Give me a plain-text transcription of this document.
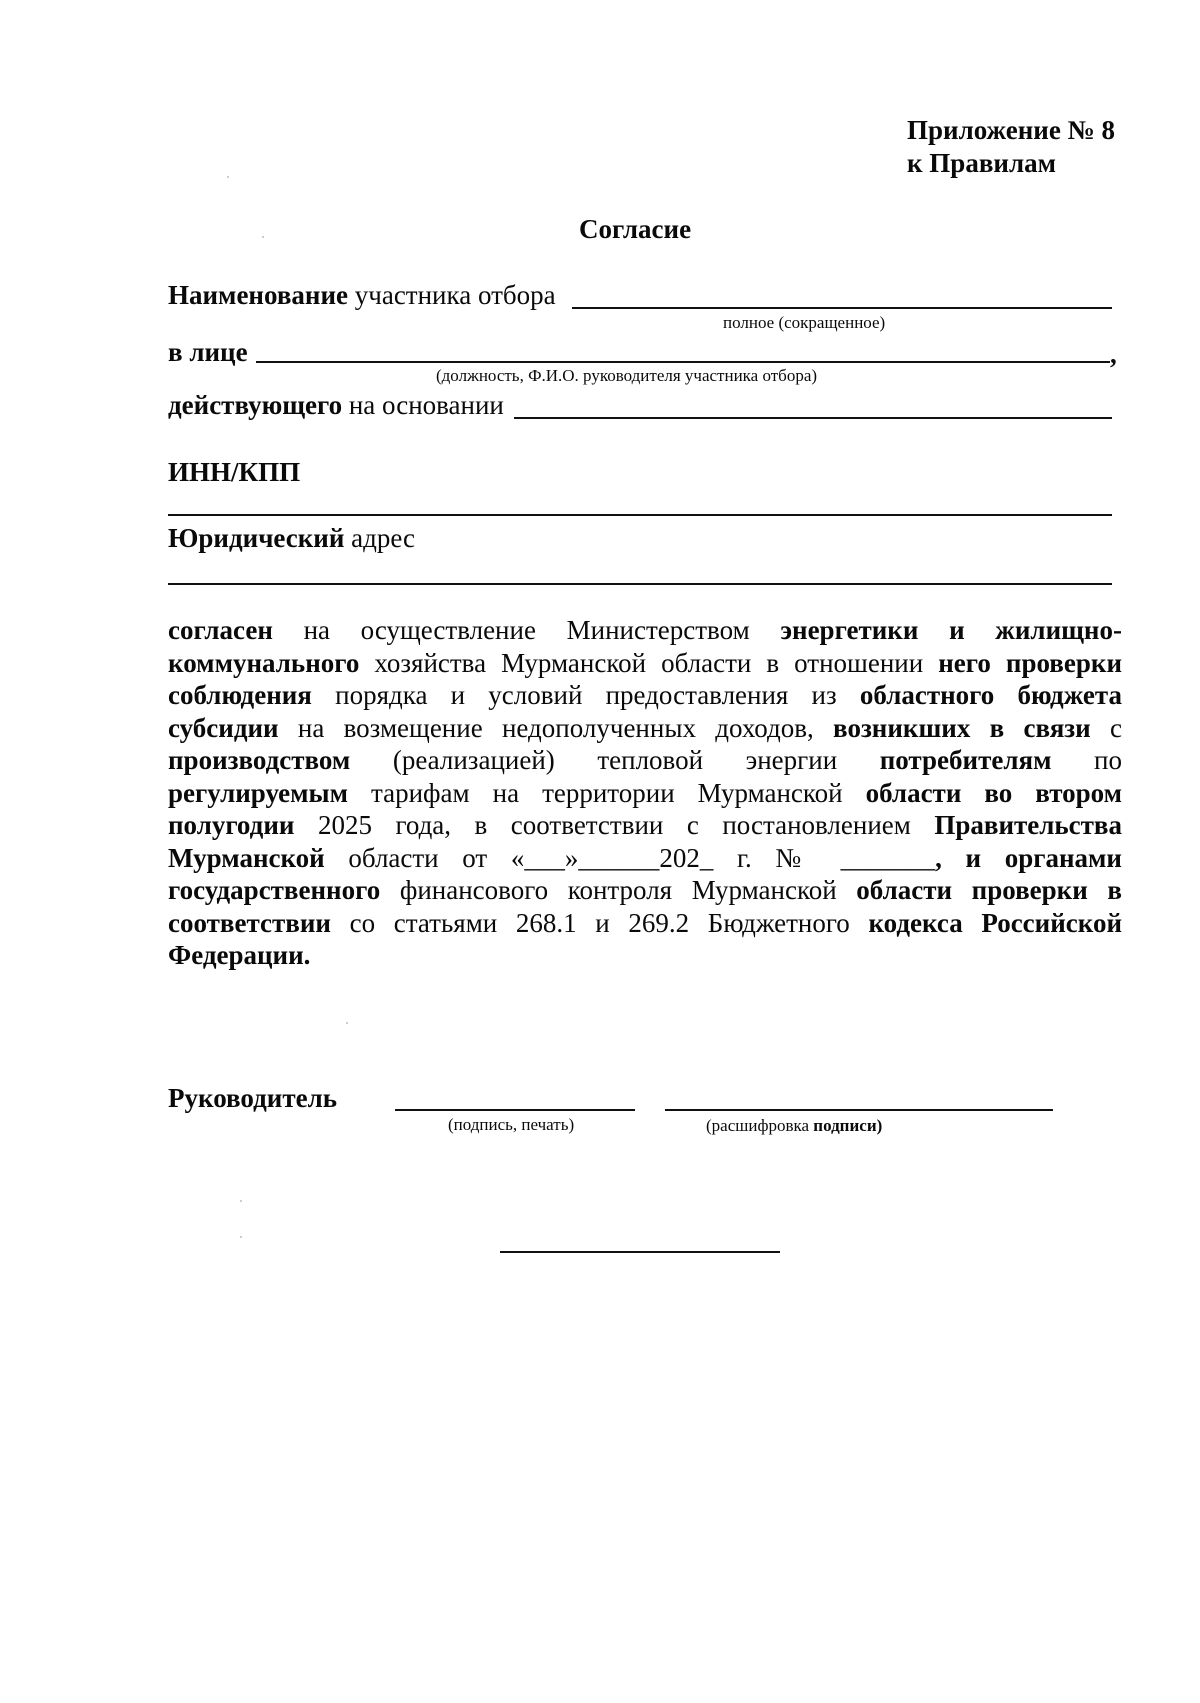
Приложение № 8
к Правилам
Согласие
Наименование участника отбора
полное (сокращенное)
в лице	,
(должность, Ф.И.О. руководителя участника отбора)
действующего на основании
ИНН/КПП
Юридический адрес
согласен на осуществление Министерством энергетики и жилищно-коммунального хозяйства Мурманской области в отношении него проверки соблюдения порядка и условий предоставления из областного бюджета субсидии на возмещение недополученных доходов, возникших в связи с производством (реализацией) тепловой энергии потребителям по регулируемым тарифам на территории Мурманской области во втором полугодии 2025 года, в соответствии с постановлением Правительства Мурманской области от «___»______202_ г. № _______, и органами государственного финансового контроля Мурманской области проверки в соответствии со статьями 268.1 и 269.2 Бюджетного кодекса Российской Федерации.
Руководитель
(подпись, печать)	(расшифровка подписи)
